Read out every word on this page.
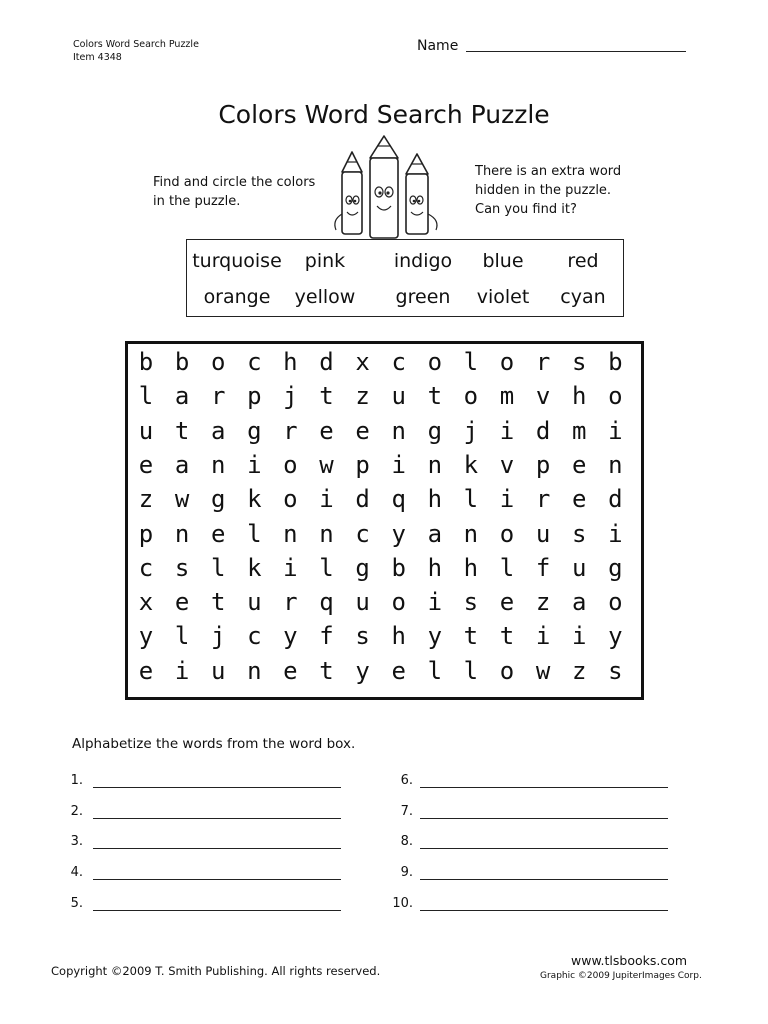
Colors Word Search Puzzle
Item 4348
Name
Colors Word Search Puzzle
Find and circle the colors
in the puzzle.
There is an extra word
hidden in the puzzle.
Can you find it?
turquoise	pink	indigo	blue	red
orange	yellow	green	violet	cyan
b b o c h d x c o l o r s b
l a r p j t z u t o m v h o
u t a g r e e n g j i d m i
e a n i o w p i n k v p e n
z w g k o i d q h l i r e d
p n e l n n c y a n o u s i
c s l k i l g b h h l f u g
x e t u r q u o i s e z a o
y l j c y f s h y t t i i y
e i u n e t y e l l o w z s
Alphabetize the words from the word box.
1.
2.
3.
4.
5.
6.
7.
8.
9.
10.
Copyright ©2009 T. Smith Publishing. All rights reserved.
www.tlsbooks.com
Graphic ©2009 JupiterImages Corp.
